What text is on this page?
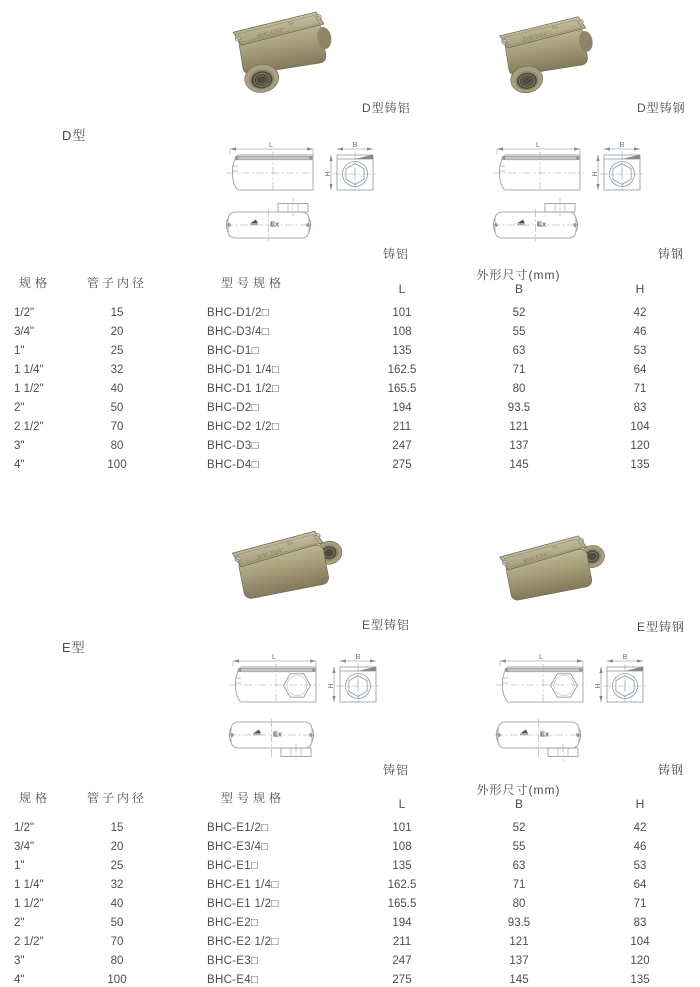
D型铸铝	D型铸钢
D型
铸铝	铸钢
规格	管子内径	型号规格
外形尺寸(mm)
L	B	H
1/2"	15	BHC-D1/2□	101	52	42
3/4"	20	BHC-D3/4□	108	55	46
1"	25	BHC-D1□	135	63	53
1 1/4"	32	BHC-D1 1/4□	162.5	71	64
1 1/2"	40	BHC-D1 1/2□	165.5	80	71
2"	50	BHC-D2□	194	93.5	83
2 1/2"	70	BHC-D2 1/2□	211	121	104
3"	80	BHC-D3□	247	137	120
4"	100	BHC-D4□	275	145	135
E型铸铝	E型铸钢
E型
铸铝	铸钢
规格	管子内径	型号规格
外形尺寸(mm)
L	B	H
1/2"	15	BHC-E1/2□	101	52	42
3/4"	20	BHC-E3/4□	108	55	46
1"	25	BHC-E1□	135	63	53
1 1/4"	32	BHC-E1 1/4□	162.5	71	64
1 1/2"	40	BHC-E1 1/2□	165.5	80	71
2"	50	BHC-E2□	194	93.5	83
2 1/2"	70	BHC-E2 1/2□	211	121	104
3"	80	BHC-E3□	247	137	120
4"	100	BHC-E4□	275	145	135
